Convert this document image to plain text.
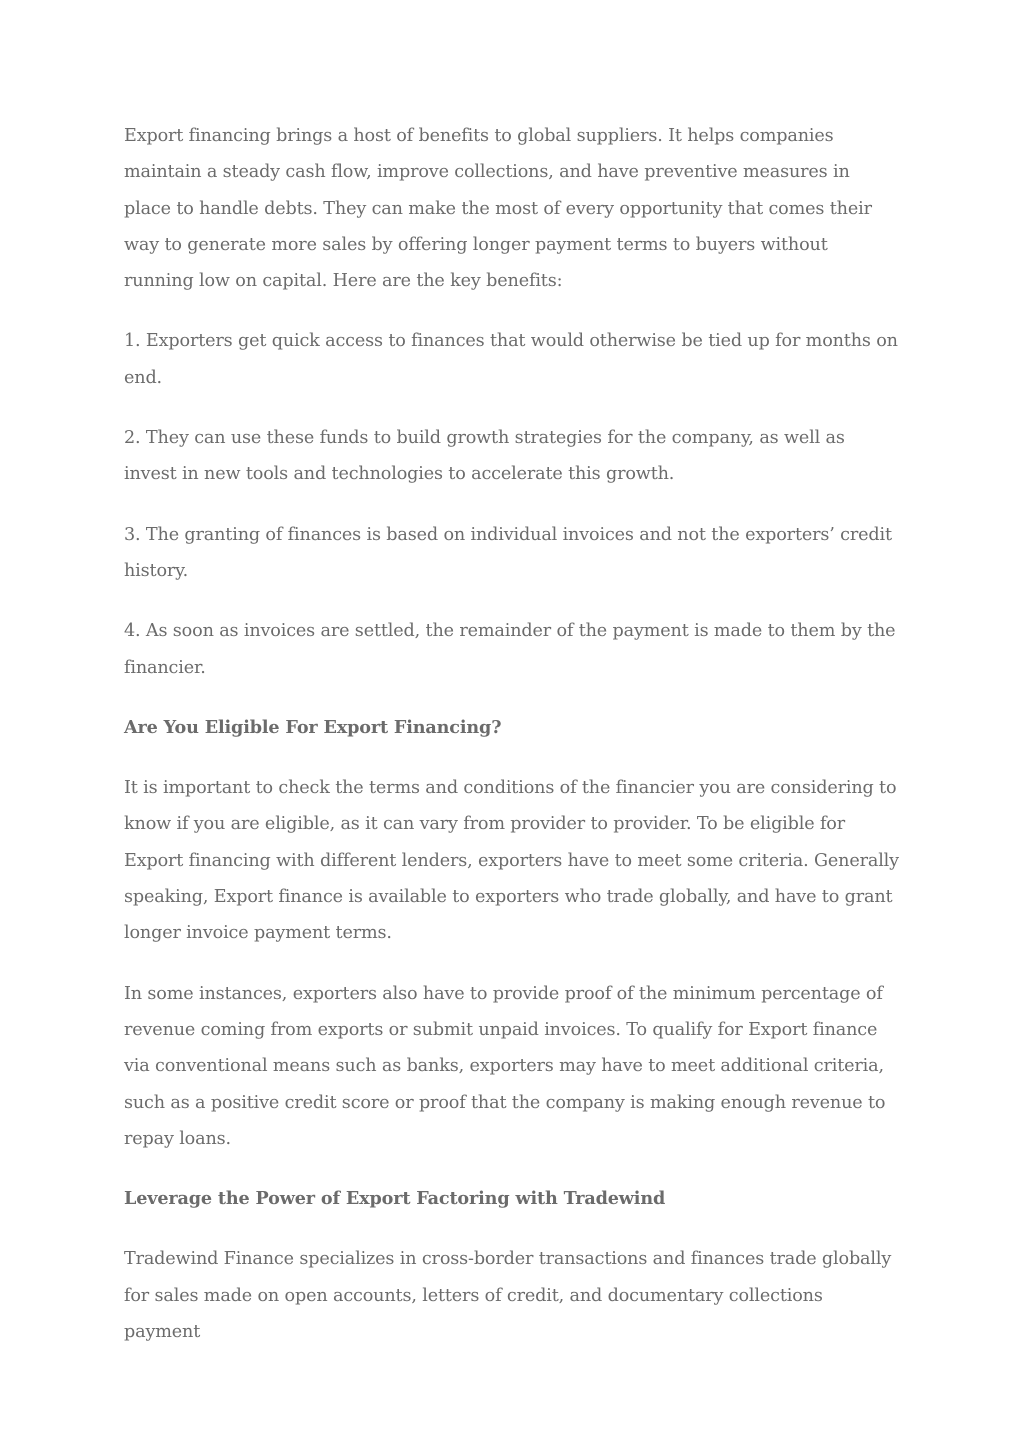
Export financing brings a host of benefits to global suppliers. It helps companies maintain a steady cash flow, improve collections, and have preventive measures in place to handle debts. They can make the most of every opportunity that comes their way to generate more sales by offering longer payment terms to buyers without running low on capital. Here are the key benefits:

1. Exporters get quick access to finances that would otherwise be tied up for months on end.

2. They can use these funds to build growth strategies for the company, as well as invest in new tools and technologies to accelerate this growth.

3. The granting of finances is based on individual invoices and not the exporters’ credit history.

4. As soon as invoices are settled, the remainder of the payment is made to them by the financier.

Are You Eligible For Export Financing?

It is important to check the terms and conditions of the financier you are considering to know if you are eligible, as it can vary from provider to provider. To be eligible for Export financing with different lenders, exporters have to meet some criteria. Generally speaking, Export finance is available to exporters who trade globally, and have to grant longer invoice payment terms.

In some instances, exporters also have to provide proof of the minimum percentage of revenue coming from exports or submit unpaid invoices. To qualify for Export finance via conventional means such as banks, exporters may have to meet additional criteria, such as a positive credit score or proof that the company is making enough revenue to repay loans.

Leverage the Power of Export Factoring with Tradewind

Tradewind Finance specializes in cross-border transactions and finances trade globally for sales made on open accounts, letters of credit, and documentary collections payment
